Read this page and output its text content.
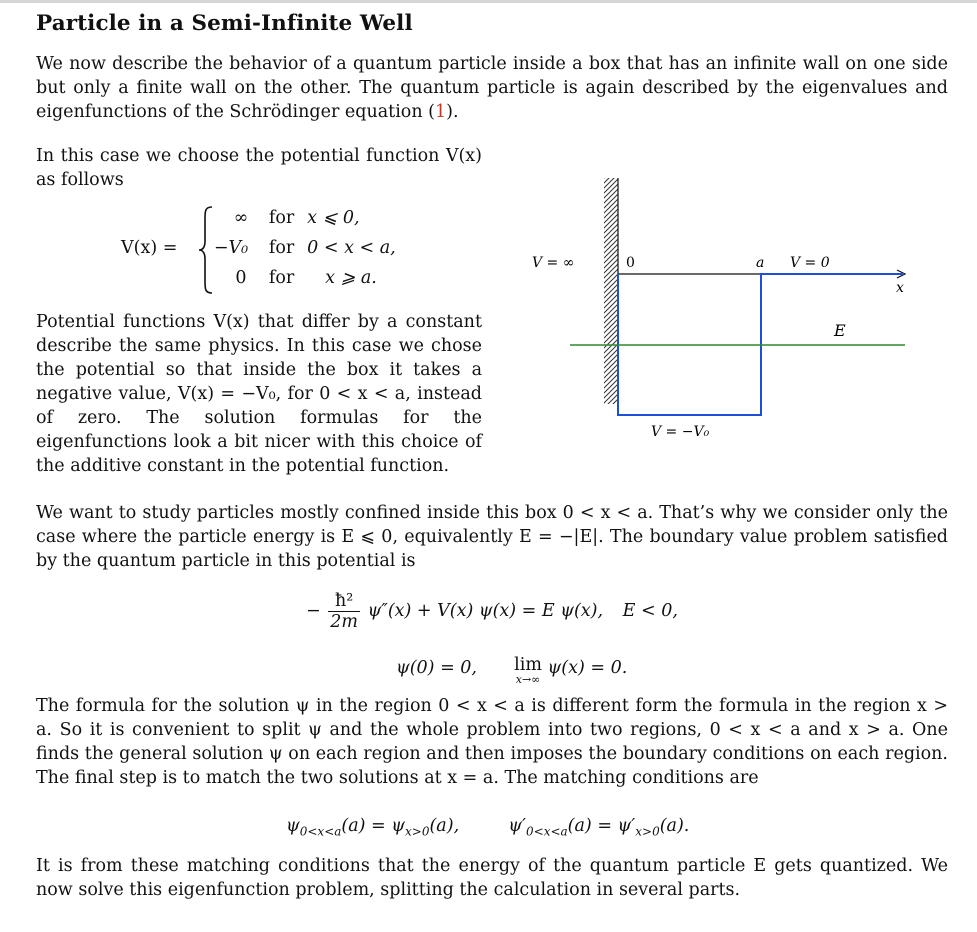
Particle in a Semi-Infinite Well

We now describe the behavior of a quantum particle inside a box that has an infinite wall on one side but only a finite wall on the other. The quantum particle is again described by the eigenvalues and eigenfunctions of the Schrödinger equation (1).

In this case we choose the potential function V(x) as follows

V(x) =
∞ for x ⩽ 0,
−V₀ for 0 < x < a,
0 for x ⩾ a.

Potential functions V(x) that differ by a constant describe the same physics. In this case we chose the potential so that inside the box it takes a negative value, V(x) = −V₀, for 0 < x < a, instead of zero. The solution formulas for the eigenfunctions look a bit nicer with this choice of the additive constant in the potential function.

V = ∞	0	a V = 0
x
E
V = −V₀

We want to study particles mostly confined inside this box 0 < x < a. That’s why we consider only the case where the particle energy is E ⩽ 0, equivalently E = −|E|. The boundary value problem satisfied by the quantum particle in this potential is

− $\frac{\text{ħ²}}{2m} \psi''(x) + V(x) \psi(x) = E$ ψ(x), E < 0,
ψ(0) = 0, lim
x→∞
ψ(x) = 0.

The formula for the solution ψ in the region 0 < x < a is different form the formula in the region x > a. So it is convenient to split ψ and the whole problem into two regions, 0 < x < a and x > a. One finds the general solution ψ on each region and then imposes the boundary conditions on each region. The final step is to match the two solutions at x = a. The matching conditions are

$\psi_{0<x<a}(a) = \psi_{x>0}(a)$,	$\psi'_{0<x<a}(a) = \psi'_{x>0}(a)$.

It is from these matching conditions that the energy of the quantum particle E gets quantized. We now solve this eigenfunction problem, splitting the calculation in several parts.
